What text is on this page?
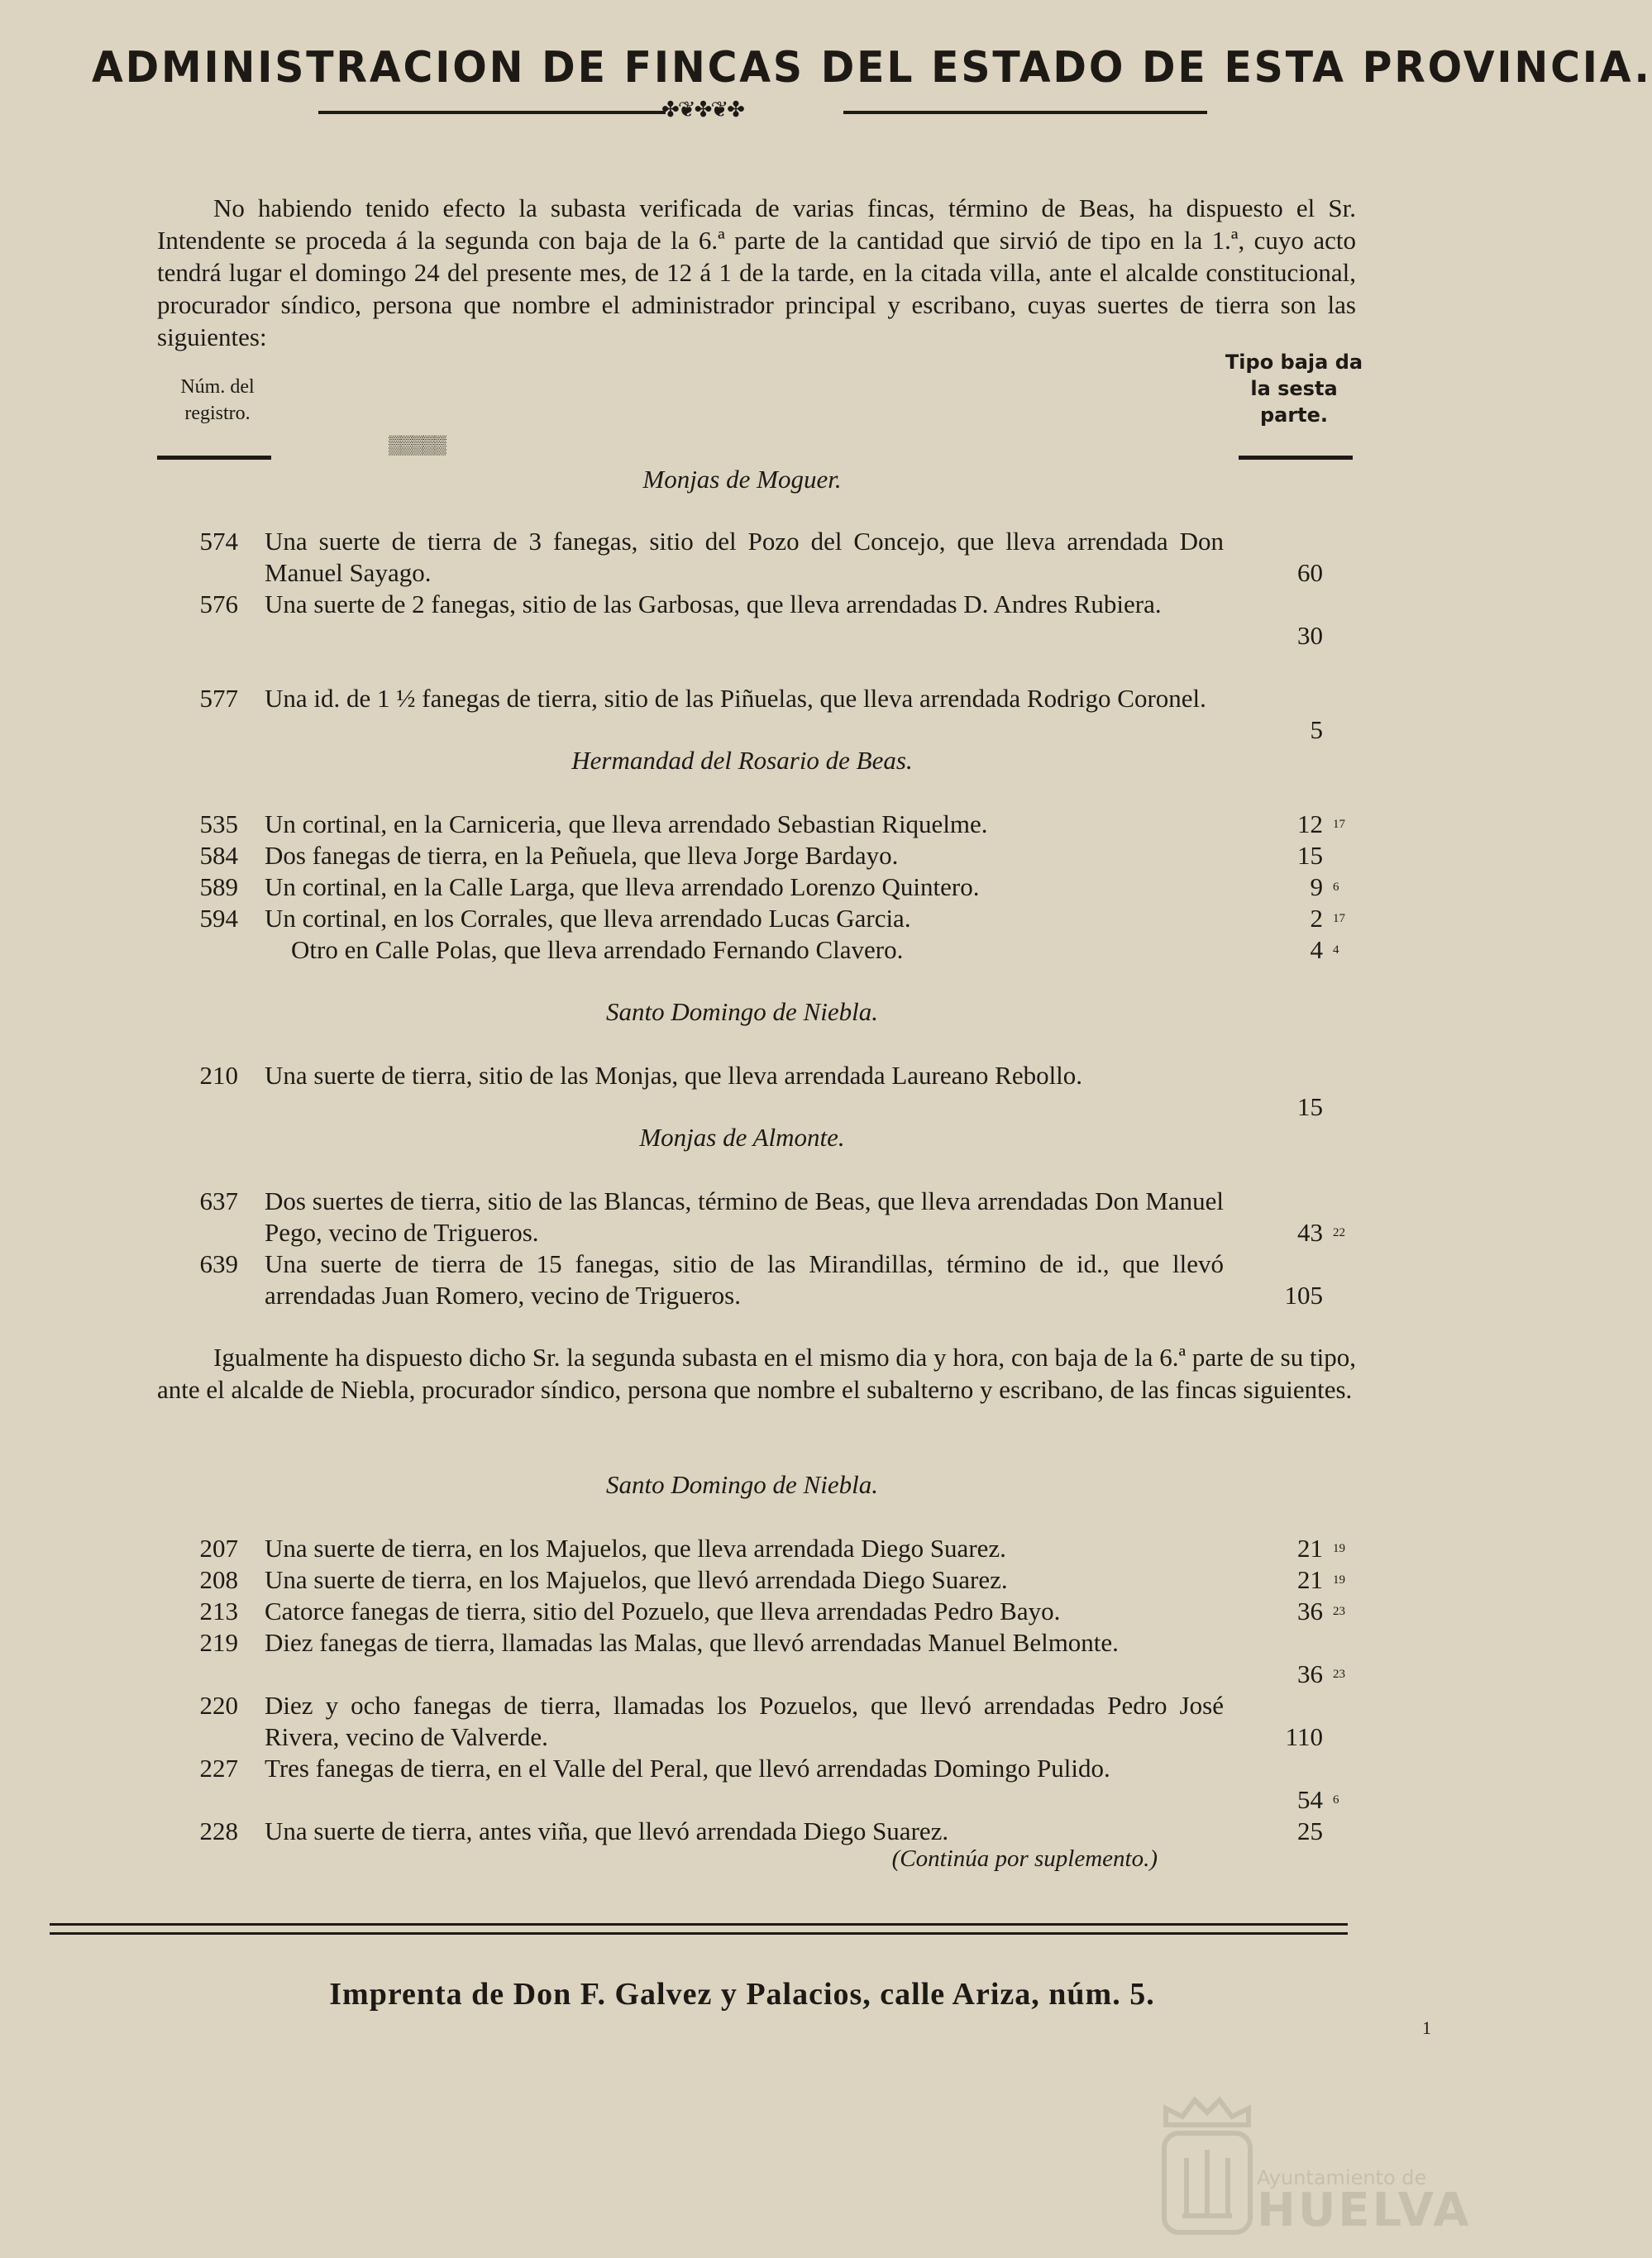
ADMINISTRACION DE FINCAS DEL ESTADO DE ESTA PROVINCIA.
✤❦✤❦✤

No habiendo tenido efecto la subasta verificada de varias fincas, término de Beas, ha dispuesto el Sr. Intendente se proceda á la segunda con baja de la 6.ª parte de la cantidad que sirvió de tipo en la 1.ª, cuyo acto tendrá lugar el domingo 24 del presente mes, de 12 á 1 de la tarde, en la citada villa, ante el alcalde constitucional, procurador síndico, persona que nombre el administrador principal y escribano, cuyas suertes de tierra son las siguientes:

Núm. del registro.
Tipo baja da la sesta parte.
▒▒▒▒▒
Monjas de Moguer.
574 Una suerte de tierra de 3 fanegas, sitio del Pozo del Concejo, que lleva arrendada Don Manuel Sayago.	60
576 Una suerte de 2 fanegas, sitio de las Garbosas, que lleva arrendadas D. Andres Rubiera.
30
577 Una id. de 1 ½ fanegas de tierra, sitio de las Piñuelas, que lleva arrendada Rodrigo Coronel.
5
Hermandad del Rosario de Beas.
535 Un cortinal, en la Carniceria, que lleva arrendado Sebastian Riquelme.	12 17
584 Dos fanegas de tierra, en la Peñuela, que lleva Jorge Bardayo.	15
589 Un cortinal, en la Calle Larga, que lleva arrendado Lorenzo Quintero.	9 6
594 Un cortinal, en los Corrales, que lleva arrendado Lucas Garcia.	2 17
Otro en Calle Polas, que lleva arrendado Fernando Clavero.	4 4
Santo Domingo de Niebla.
210 Una suerte de tierra, sitio de las Monjas, que lleva arrendada Laureano Rebollo.
15
Monjas de Almonte.
637 Dos suertes de tierra, sitio de las Blancas, término de Beas, que lleva arrendadas Don Manuel Pego, vecino de Trigueros.	43 22
639 Una suerte de tierra de 15 fanegas, sitio de las Mirandillas, término de id., que llevó arrendadas Juan Romero, vecino de Trigueros.	105

Igualmente ha dispuesto dicho Sr. la segunda subasta en el mismo dia y hora, con baja de la 6.ª parte de su tipo, ante el alcalde de Niebla, procurador síndico, persona que nombre el subalterno y escribano, de las fincas siguientes.

Santo Domingo de Niebla.
207 Una suerte de tierra, en los Majuelos, que lleva arrendada Diego Suarez.	21 19
208 Una suerte de tierra, en los Majuelos, que llevó arrendada Diego Suarez.	21 19
213 Catorce fanegas de tierra, sitio del Pozuelo, que lleva arrendadas Pedro Bayo.	36 23
219 Diez fanegas de tierra, llamadas las Malas, que llevó arrendadas Manuel Belmonte.
36 23
220 Diez y ocho fanegas de tierra, llamadas los Pozuelos, que llevó arrendadas Pedro José Rivera, vecino de Valverde.	110
227 Tres fanegas de tierra, en el Valle del Peral, que llevó arrendadas Domingo Pulido.
54 6
228 Una suerte de tierra, antes viña, que llevó arrendada Diego Suarez.	25
(Continúa por suplemento.)
Imprenta de Don F. Galvez y Palacios, calle Ariza, núm. 5.
1
Ayuntamiento de
HUELVA
